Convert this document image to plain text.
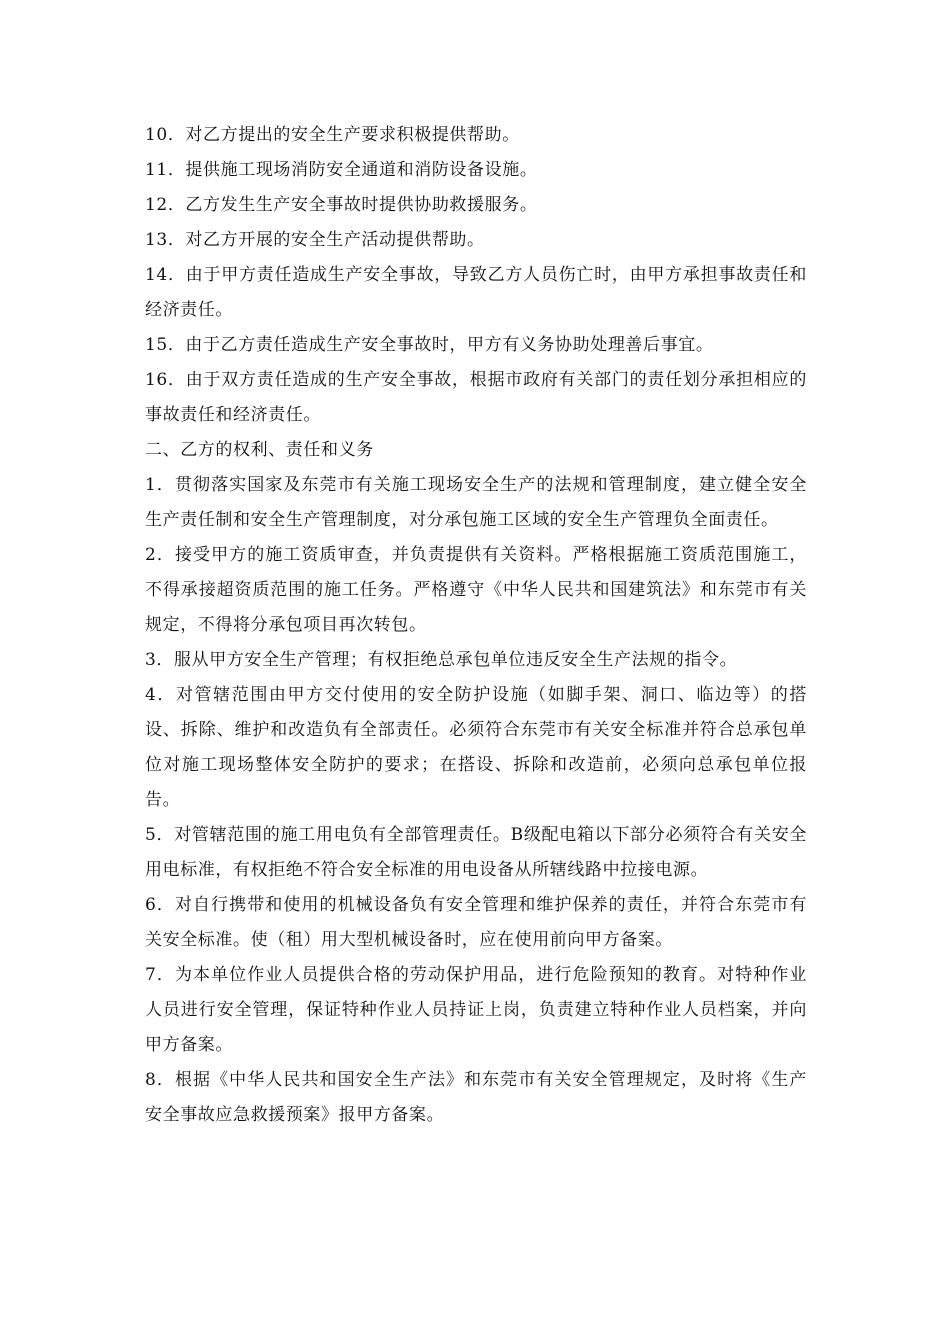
10．对乙方提出的安全生产要求积极提供帮助。

11．提供施工现场消防安全通道和消防设备设施。

12．乙方发生生产安全事故时提供协助救援服务。

13．对乙方开展的安全生产活动提供帮助。

14．由于甲方责任造成生产安全事故，导致乙方人员伤亡时，由甲方承担事故责任和经济责任。

15．由于乙方责任造成生产安全事故时，甲方有义务协助处理善后事宜。

16．由于双方责任造成的生产安全事故，根据市政府有关部门的责任划分承担相应的事故责任和经济责任。

二、乙方的权利、责任和义务

1．贯彻落实国家及东莞市有关施工现场安全生产的法规和管理制度，建立健全安全生产责任制和安全生产管理制度，对分承包施工区域的安全生产管理负全面责任。

2．接受甲方的施工资质审查，并负责提供有关资料。严格根据施工资质范围施工，不得承接超资质范围的施工任务。严格遵守《中华人民共和国建筑法》和东莞市有关规定，不得将分承包项目再次转包。

3．服从甲方安全生产管理；有权拒绝总承包单位违反安全生产法规的指令。

4．对管辖范围由甲方交付使用的安全防护设施（如脚手架、洞口、临边等）的搭设、拆除、维护和改造负有全部责任。必须符合东莞市有关安全标准并符合总承包单位对施工现场整体安全防护的要求；在搭设、拆除和改造前，必须向总承包单位报告。

5．对管辖范围的施工用电负有全部管理责任。B级配电箱以下部分必须符合有关安全用电标准，有权拒绝不符合安全标准的用电设备从所辖线路中拉接电源。

6．对自行携带和使用的机械设备负有安全管理和维护保养的责任，并符合东莞市有关安全标准。使（租）用大型机械设备时，应在使用前向甲方备案。

7．为本单位作业人员提供合格的劳动保护用品，进行危险预知的教育。对特种作业人员进行安全管理，保证特种作业人员持证上岗，负责建立特种作业人员档案，并向甲方备案。

8．根据《中华人民共和国安全生产法》和东莞市有关安全管理规定，及时将《生产安全事故应急救援预案》报甲方备案。
